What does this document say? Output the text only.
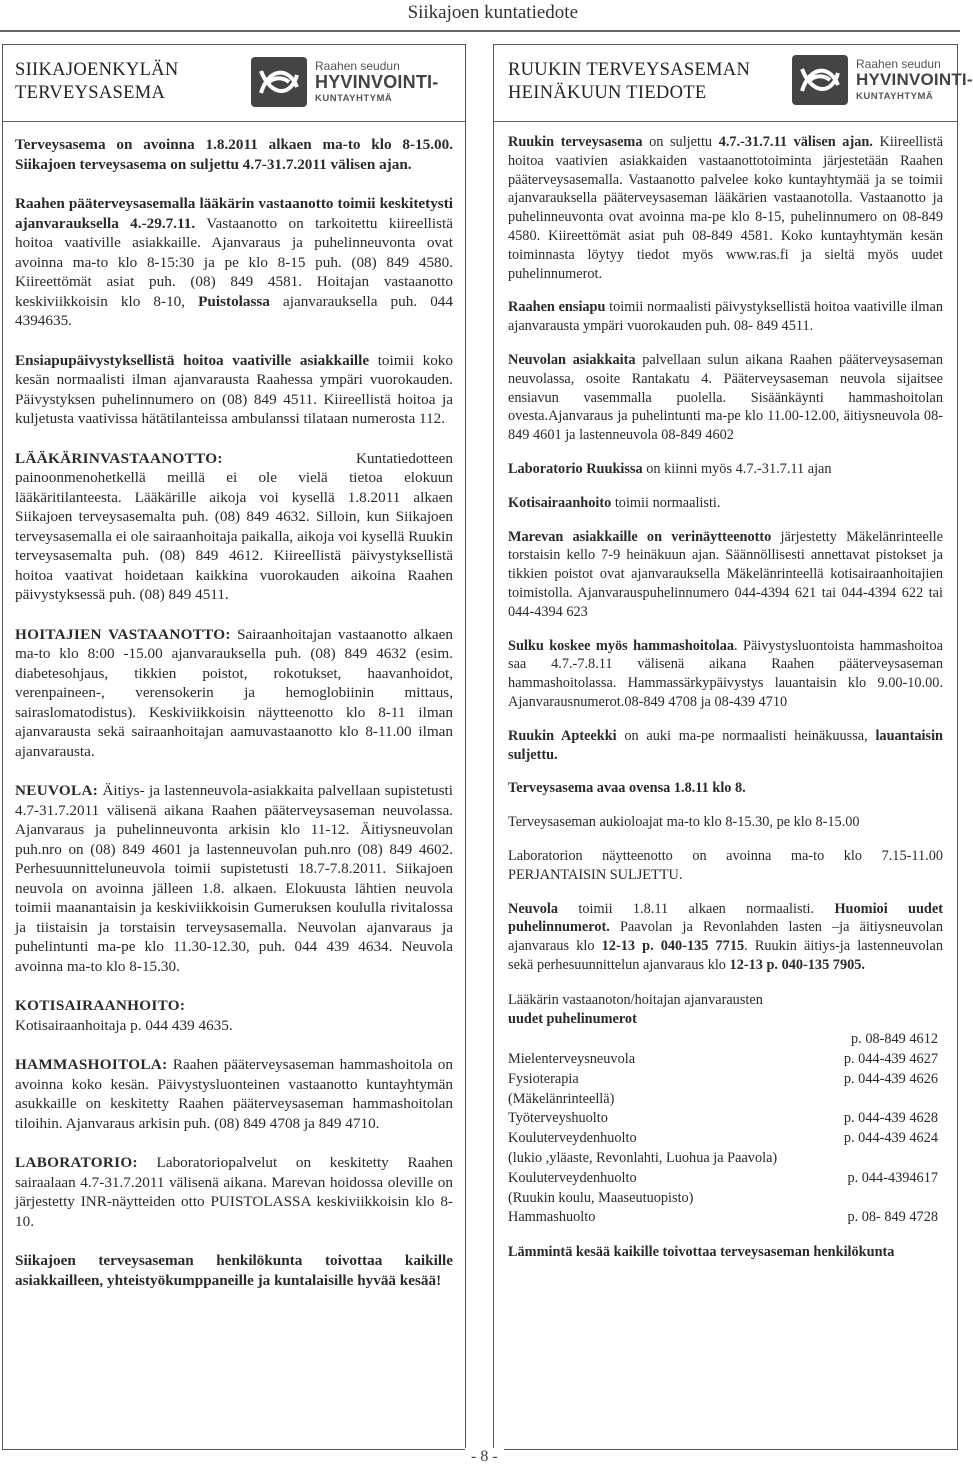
Siikajoen kuntatiedote
SIIKAJOENKYLÄN
TERVEYSASEMA
Raahen seudun
HYVINVOINTI-
KUNTAYHTYMÄ

Terveysasema on avoinna 1.8.2011 alkaen ma-to klo 8-15.00. Siikajoen terveysasema on suljettu 4.7-31.7.2011 välisen ajan.

Raahen pääterveysasemalla lääkärin vastaanotto toimii keskitetysti ajanvarauksella 4.-29.7.11. Vastaanotto on tarkoitettu kiireellistä hoitoa vaativille asiakkaille. Ajanvaraus ja puhelinneuvonta ovat avoinna ma-to klo 8-15:30 ja pe klo 8-15 puh. (08) 849 4580. Kiireettömät asiat puh. (08) 849 4581. Hoitajan vastaanotto keskiviikkoisin klo 8-10, Puistolassa ajanvarauksella puh. 044 4394635.

Ensiapupäivystyksellistä hoitoa vaativille asiakkaille toimii koko kesän normaalisti ilman ajanvarausta Raahessa ympäri vuorokauden. Päivystyksen puhelinnumero on (08) 849 4511. Kiireellistä hoitoa ja kuljetusta vaativissa hätätilanteissa ambulanssi tilataan numerosta 112.

LÄÄKÄRINVASTAANOTTO: Kuntatiedotteen painoonmenohetkellä meillä ei ole vielä tietoa elokuun lääkäritilanteesta. Lääkärille aikoja voi kysellä 1.8.2011 alkaen Siikajoen terveysasemalta puh. (08) 849 4632. Silloin, kun Siikajoen terveysasemalla ei ole sairaanhoitaja paikalla, aikoja voi kysellä Ruukin terveysasemalta puh. (08) 849 4612. Kiireellistä päivystyksellistä hoitoa vaativat hoidetaan kaikkina vuorokauden aikoina Raahen päivystyksessä puh. (08) 849 4511.

HOITAJIEN VASTAANOTTO: Sairaanhoitajan vastaanotto alkaen ma-to klo 8:00 -15.00 ajanvarauksella puh. (08) 849 4632 (esim. diabetesohjaus, tikkien poistot, rokotukset, haavanhoidot, verenpaineen-, verensokerin ja hemoglobiinin mittaus, sairaslomatodistus). Keskiviikkoisin näytteenotto klo 8-11 ilman ajanvarausta sekä sairaanhoitajan aamuvastaanotto klo 8-11.00 ilman ajanvarausta.

NEUVOLA: Äitiys- ja lastenneuvola-asiakkaita palvellaan supistetusti 4.7-31.7.2011 välisenä aikana Raahen pääterveysaseman neuvolassa. Ajanvaraus ja puhelinneuvonta arkisin klo 11-12. Äitiysneuvolan puh.nro on (08) 849 4601 ja lastenneuvolan puh.nro (08) 849 4602. Perhesuunnitteluneuvola toimii supistetusti 18.7-7.8.2011. Siikajoen neuvola on avoinna jälleen 1.8. alkaen. Elokuusta lähtien neuvola toimii maanantaisin ja keskiviikkoisin Gumeruksen koululla rivitalossa ja tiistaisin ja torstaisin terveysasemalla. Neuvolan ajanvaraus ja puhelintunti ma-pe klo 11.30-12.30, puh. 044 439 4634. Neuvola avoinna ma-to klo 8-15.30.

KOTISAIRAANHOITO:
Kotisairaanhoitaja p. 044 439 4635.

HAMMASHOITOLA: Raahen pääterveysaseman hammashoitola on avoinna koko kesän. Päivystysluonteinen vastaanotto kuntayhtymän asukkaille on keskitetty Raahen pääterveysaseman hammashoitolan tiloihin. Ajanvaraus arkisin puh. (08) 849 4708 ja 849 4710.

LABORATORIO: Laboratoriopalvelut on keskitetty Raahen sairaalaan 4.7-31.7.2011 välisenä aikana. Marevan hoidossa oleville on järjestetty INR-näytteiden otto PUISTOLASSA keskiviikkoisin klo 8-10.

Siikajoen terveysaseman henkilökunta toivottaa kaikille asiakkailleen, yhteistyökumppaneille ja kuntalaisille hyvää kesää!

RUUKIN TERVEYSASEMAN
HEINÄKUUN TIEDOTE
Raahen seudun
HYVINVOINTI-
KUNTAYHTYMÄ

Ruukin terveysasema on suljettu 4.7.-31.7.11 välisen ajan. Kiireellistä hoitoa vaativien asiakkaiden vastaanottotoiminta järjestetään Raahen pääterveysasemalla. Vastaanotto palvelee koko kuntayhtymää ja se toimii ajanvarauksella pääterveysaseman lääkärien vastaanotolla. Vastaanotto ja puhelinneuvonta ovat avoinna ma-pe klo 8-15, puhelinnumero on 08-849 4580. Kiireettömät asiat puh 08-849 4581. Koko kuntayhtymän kesän toiminnasta löytyy tiedot myös www.ras.fi ja sieltä myös uudet puhelinnumerot.

Raahen ensiapu toimii normaalisti päivystyksellistä hoitoa vaativille ilman ajanvarausta ympäri vuorokauden puh. 08- 849 4511.

Neuvolan asiakkaita palvellaan sulun aikana Raahen pääterveysaseman neuvolassa, osoite Rantakatu 4. Pääterveysaseman neuvola sijaitsee ensiavun vasemmalla puolella. Sisäänkäynti hammashoitolan ovesta.Ajanvaraus ja puhelintunti ma-pe klo 11.00-12.00, äitiysneuvola 08-849 4601 ja lastenneuvola 08-849 4602

Laboratorio Ruukissa on kiinni myös 4.7.-31.7.11 ajan

Kotisairaanhoito toimii normaalisti.

Marevan asiakkaille on verinäytteenotto järjestetty Mäkelänrinteelle torstaisin kello 7-9 heinäkuun ajan. Säännöllisesti annettavat pistokset ja tikkien poistot ovat ajanvarauksella Mäkelänrinteellä kotisairaanhoitajien toimistolla. Ajanvarauspuhelinnumero 044-4394 621 tai 044-4394 622 tai 044-4394 623

Sulku koskee myös hammashoitolaa. Päivystysluontoista hammashoitoa saa 4.7.-7.8.11 välisenä aikana Raahen pääterveysaseman hammashoitolassa. Hammassärkypäivystys lauantaisin klo 9.00-10.00. Ajanvarausnumerot.08-849 4708 ja 08-439 4710

Ruukin Apteekki on auki ma-pe normaalisti heinäkuussa, lauantaisin suljettu.

Terveysasema avaa ovensa 1.8.11 klo 8.

Terveysaseman aukioloajat ma-to klo 8-15.30, pe klo 8-15.00

Laboratorion näytteenotto on avoinna ma-to klo 7.15-11.00 PERJANTAISIN SULJETTU.

Neuvola toimii 1.8.11 alkaen normaalisti. Huomioi uudet puhelinnumerot. Paavolan ja Revonlahden lasten –ja äitiysneuvolan ajanvaraus klo 12-13 p. 040-135 7715. Ruukin äitiys-ja lastenneuvolan sekä perhesuunnittelun ajanvaraus klo 12-13 p. 040-135 7905.

Lääkärin vastaanoton/hoitajan ajanvarausten
uudet puhelinumerot
p. 08-849 4612
Mielenterveysneuvola	p. 044-439 4627
Fysioterapia	p. 044-439 4626
(Mäkelänrinteellä)
Työterveyshuolto	p. 044-439 4628
Kouluterveydenhuolto	p. 044-439 4624
(lukio ,yläaste, Revonlahti, Luohua ja Paavola)
Kouluterveydenhuolto	p. 044-4394617
(Ruukin koulu, Maaseutuopisto)
Hammashuolto	p. 08- 849 4728

Lämmintä kesää kaikille toivottaa terveysaseman henkilökunta

- 8 -
